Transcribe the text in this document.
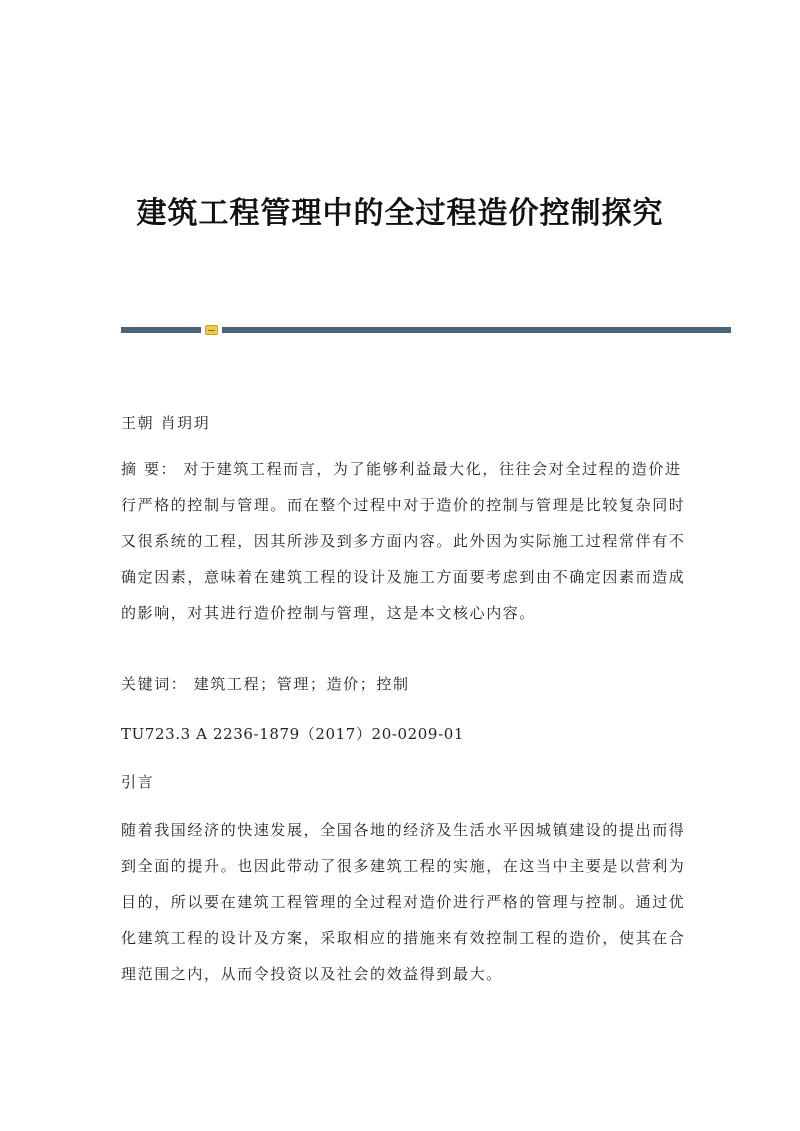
建筑工程管理中的全过程造价控制探究

王朝 肖玥玥

摘 要： 对于建筑工程而言，为了能够利益最大化，往往会对全过程的造价进
行严格的控制与管理。而在整个过程中对于造价的控制与管理是比较复杂同时
又很系统的工程，因其所涉及到多方面内容。此外因为实际施工过程常伴有不
确定因素，意味着在建筑工程的设计及施工方面要考虑到由不确定因素而造成
的影响，对其进行造价控制与管理，这是本文核心内容。

关键词： 建筑工程；管理；造价；控制

TU723.3 A 2236-1879（2017）20-0209-01

引言

随着我国经济的快速发展，全国各地的经济及生活水平因城镇建设的提出而得
到全面的提升。也因此带动了很多建筑工程的实施，在这当中主要是以营利为
目的，所以要在建筑工程管理的全过程对造价进行严格的管理与控制。通过优
化建筑工程的设计及方案，采取相应的措施来有效控制工程的造价，使其在合
理范围之内，从而令投资以及社会的效益得到最大。
